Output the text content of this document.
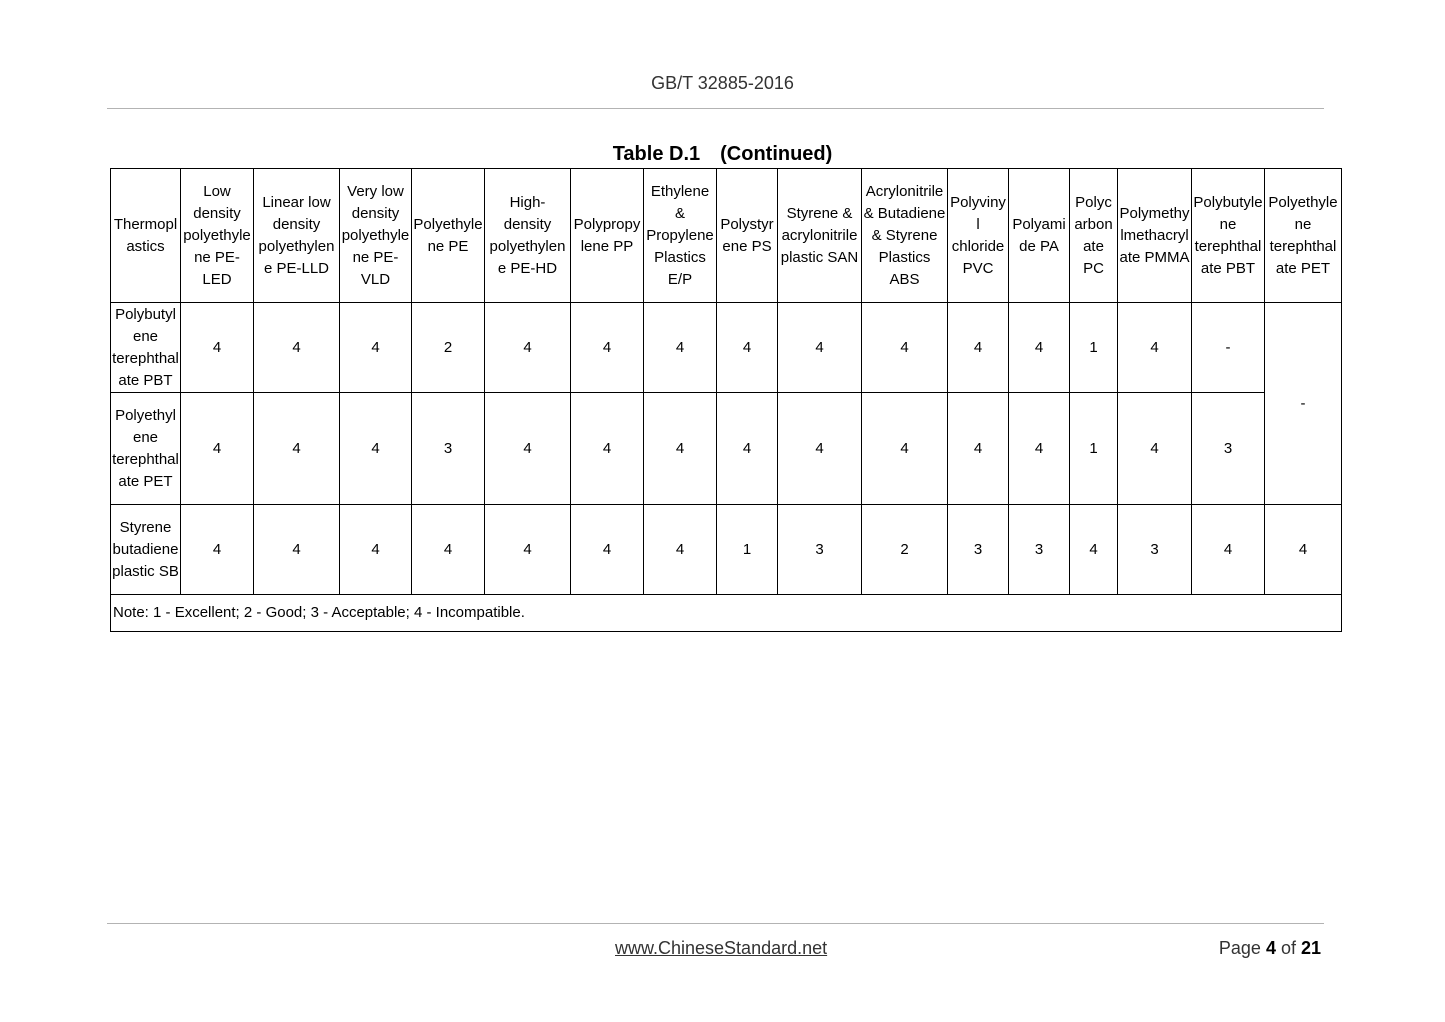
GB/T 32885-2016
Table D.1 (Continued)
Thermoplastics	Low density polyethylene PE-LED	Linear low density polyethylene PE-LLD	Very low density polyethylene PE-VLD	Polyethylene PE	High-density polyethylene PE-HD	Polypropylene PP	Ethylene & Propylene Plastics E/P	Polystyrene PS	Styrene & acrylonitrile plastic SAN	Acrylonitrile & Butadiene & Styrene Plastics ABS	Polyvinyl chloride PVC	Polyamide PA	Polycarbonate PC	Polymethylmethacrylate PMMA	Polybutylene terephthalate PBT	Polyethylene terephthalate PET
Polybutylene terephthalate PBT	4	4	4	2	4	4	4	4	4	4	4	4	1	4	-	-
Polyethylene terephthalate PET	4	4	4	3	4	4	4	4	4	4	4	4	1	4	3	
Styrene butadiene plastic SB	4	4	4	4	4	4	4	1	3	2	3	3	4	3	4	4
Note: 1 - Excellent; 2 - Good; 3 - Acceptable; 4 - Incompatible.																
www.ChineseStandard.net	Page 4 of 21
